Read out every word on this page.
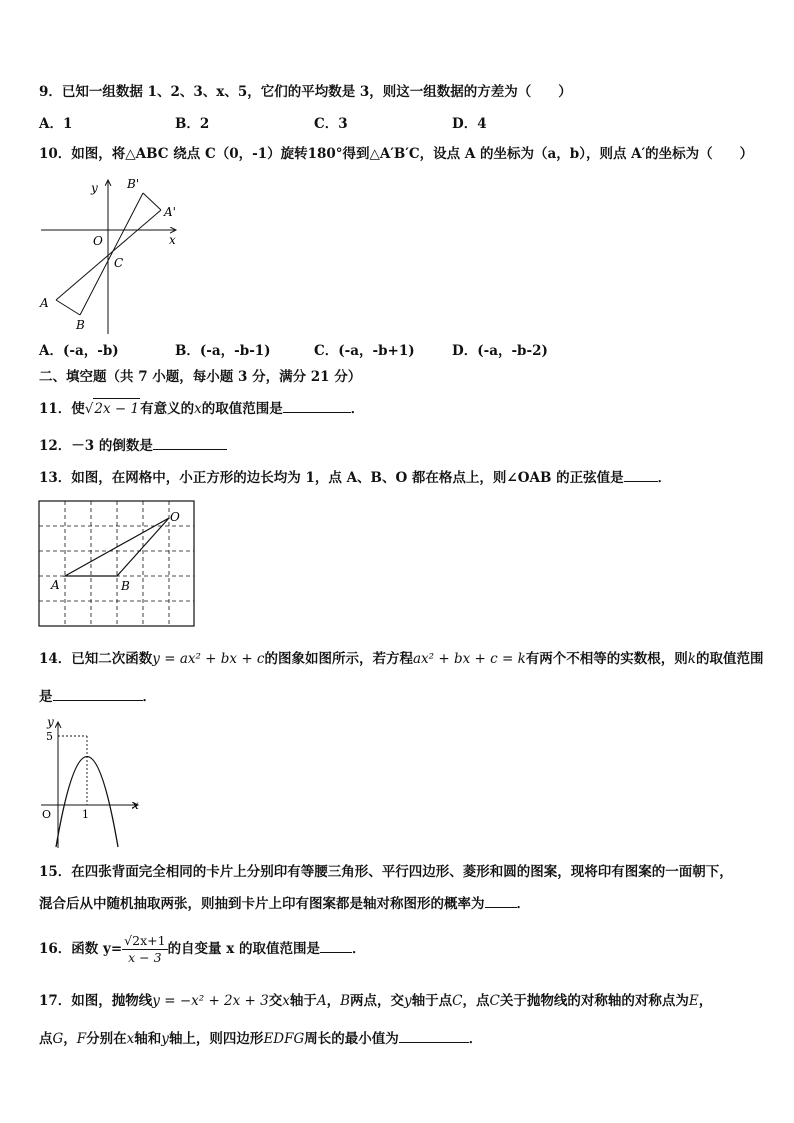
9．已知一组数据 1、2、3、x、5，它们的平均数是 3，则这一组数据的方差为（　　）
A．1	B．2	C．3	D．4
10．如图，将△ABC 绕点 C（0，-1）旋转180°得到△A′B′C，设点 A 的坐标为（a，b），则点 A′的坐标为（　　）
y
x
O
C
A
B
A'
B'
A．(-a，-b)	B．(-a，-b-1)	C．(-a，-b+1)	D．(-a，-b-2)
二、填空题（共 7 小题，每小题 3 分，满分 21 分）
11．使√2x − 1有意义的x的取值范围是	．
12．－3 的倒数是
13．如图，在网格中，小正方形的边长均为 1，点 A、B、O 都在格点上，则∠OAB 的正弦值是	．
O
A	B
14．已知二次函数y = ax² + bx + c的图象如图所示，若方程ax² + bx + c = k有两个不相等的实数根，则k的取值范围
是	．
y
x
O
5
1
15．在四张背面完全相同的卡片上分别印有等腰三角形、平行四边形、菱形和圆的图案，现将印有图案的一面朝下，
混合后从中随机抽取两张，则抽到卡片上印有图案都是轴对称图形的概率为 ．
16．函数 $y= \frac{√2x+1}{x - 3}$ 的自变量 x 的取值范围是 ．
17．如图，抛物线y = −x² + 2x + 3交x轴于A，B两点，交y轴于点C，点C关于抛物线的对称轴的对称点为E，
点G，F分别在x轴和y轴上，则四边形EDFG周长的最小值为	．
